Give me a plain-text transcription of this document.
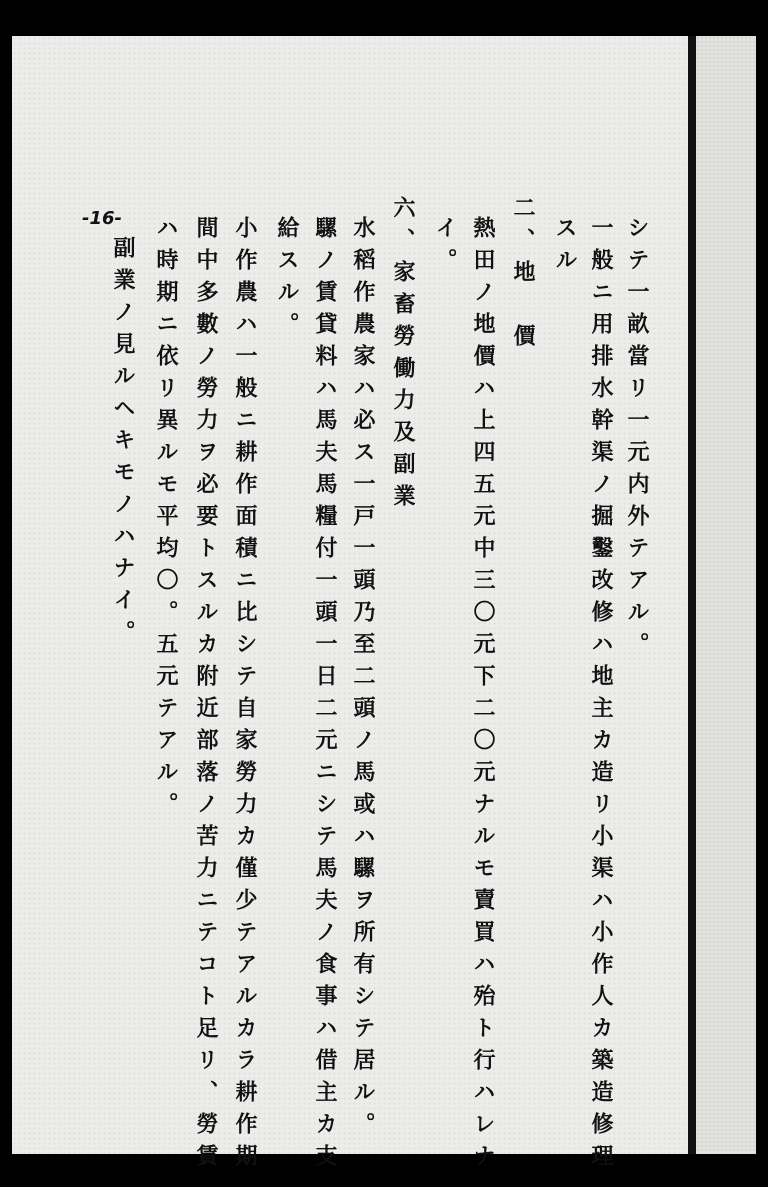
-16-	シテ一畝當リ一元内外テアル。
一般ニ用排水幹渠ノ掘鑿改修ハ地主カ造リ小渠ハ小作人カ築造修理
スル
二、地　價
熱田ノ地價ハ上四五元中三〇元下二〇元ナルモ賣買ハ殆ト行ハレナ
イ。
六、家畜勞働力及副業
水稻作農家ハ必ス一戸一頭乃至二頭ノ馬或ハ騾ヲ所有シテ居ル。
騾ノ賃貸料ハ馬夫馬糧付一頭一日二元ニシテ馬夫ノ食事ハ借主カ支
給スル。
小作農ハ一般ニ耕作面積ニ比シテ自家勞力カ僅少テアルカラ耕作期
間中多數ノ勞力ヲ必要トスルカ附近部落ノ苦力ニテコト足リ、勞賃
ハ時期ニ依リ異ルモ平均〇。五元テアル。
副業ノ見ルヘキモノハナイ。
